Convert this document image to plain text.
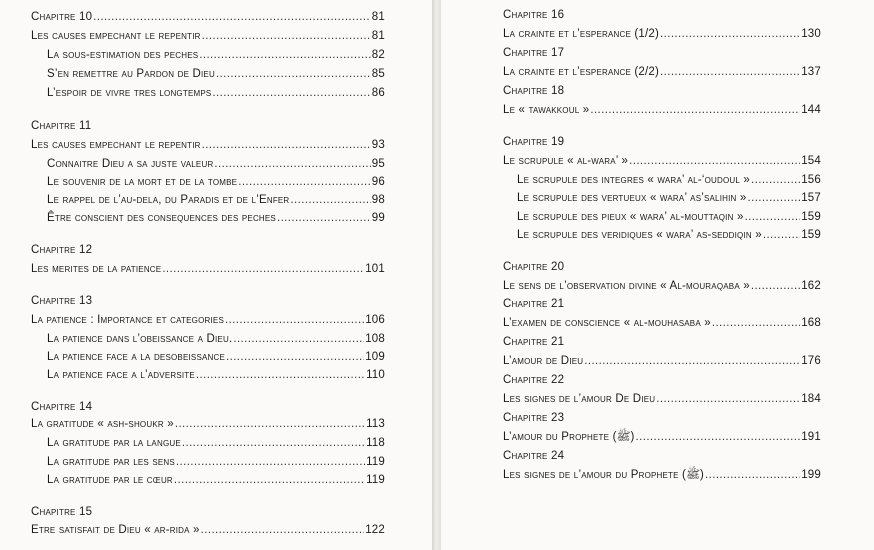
Chapitre 10 .....	81
Les causes empechant le repentir .....	81
La sous-estimation des peches .....	82
S’en remettre au Pardon de Dieu .....	85
L’espoir de vivre tres longtemps .....	86
Chapitre 11
Les causes empechant le repentir .....	93
Connaitre Dieu a sa juste valeur .....	95
Le souvenir de la mort et de la tombe .....	96
Le rappel de l’au-dela, du Paradis et de l’Enfer .....	98
Être conscient des consequences des peches .....	99
Chapitre 12
Les merites de la patience .....	101
Chapitre 13
La patience : Importance et categories .....	106
La patience dans l’obeissance a Dieu. .....	108
La patience face a la desobeissance .....	109
La patience face a l’adversite .....	110
Chapitre 14
La gratitude « ash-shoukr » .....	113
La gratitude par la langue .....	118
La gratitude par les sens .....	119
La gratitude par le cœur .....	119
Chapitre 15
Etre satisfait de Dieu « ar-rida » .....	122
Chapitre 16
La crainte et l’esperance (1/2) .....	130
Chapitre 17
La crainte et l’esperance (2/2) .....	137
Chapitre 18
Le « tawakkoul » .....	144
Chapitre 19
Le scrupule « al-wara’ » .....	154
Le scrupule des integres « wara’ al-‘oudoul » .....	156
Le scrupule des vertueux « wara’ as’salihin » .....	157
Le scrupule des pieux « wara’ al-mouttaqin » .....	159
Le scrupule des veridiques « wara’ as-seddiqin » .....	159
Chapitre 20
Le sens de l’observation divine « Al-mouraqaba » .....	162
Chapitre 21
L’examen de conscience « al-mouhasaba » .....	168
Chapitre 21
L’amour de Dieu .....	176
Chapitre 22
Les signes de l’amour De Dieu .....	184
Chapitre 23
L’amour du Prophete (ﷺ) .....	191
Chapitre 24
Les signes de l’amour du Prophete (ﷺ) .....	199
